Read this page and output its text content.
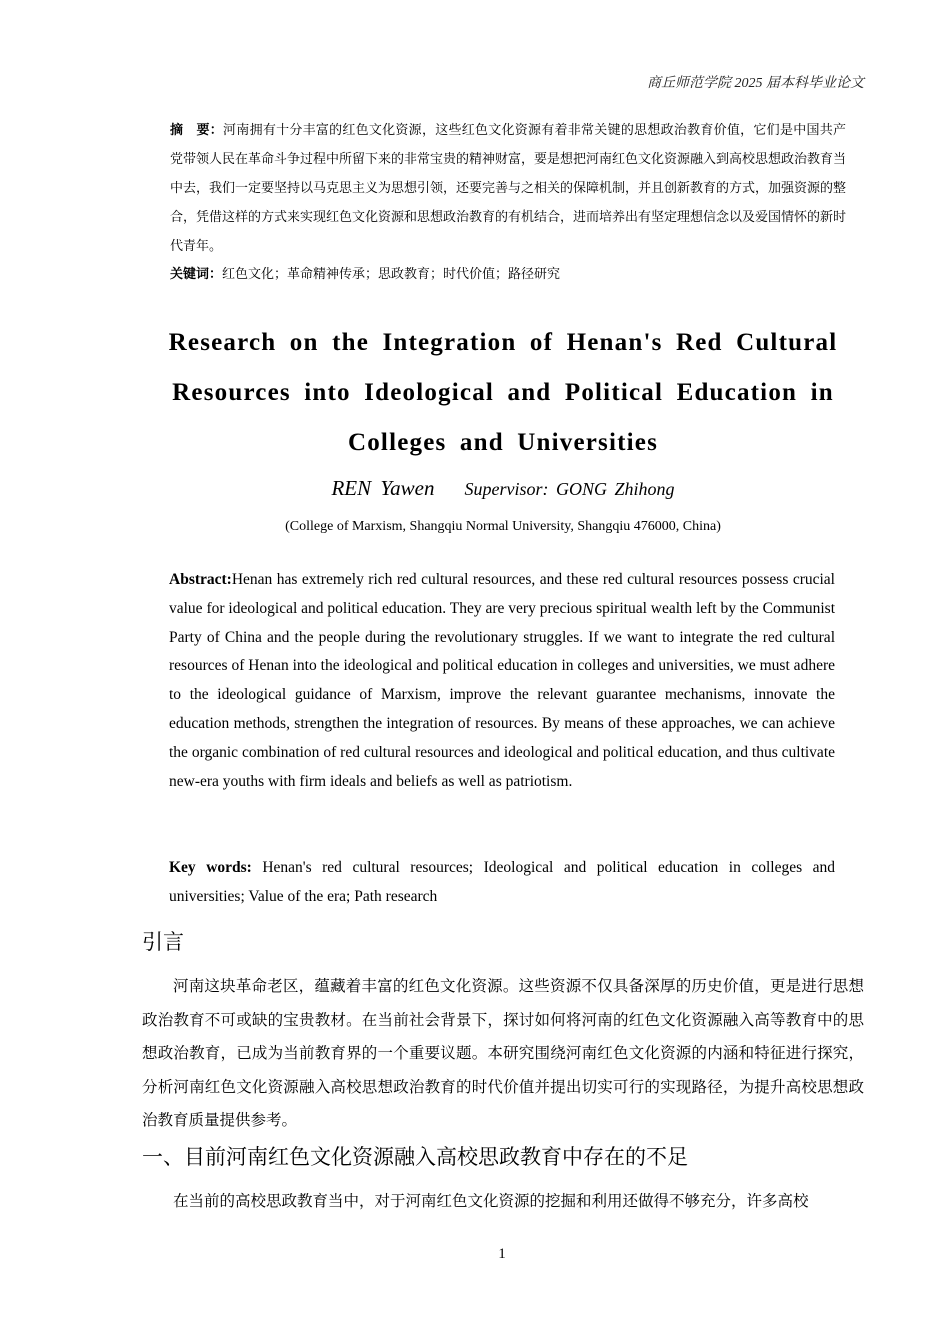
商丘师范学院 2025 届本科毕业论文
摘　要：河南拥有十分丰富的红色文化资源，这些红色文化资源有着非常关键的思想政治教育价值，它们是中国共产党带领人民在革命斗争过程中所留下来的非常宝贵的精神财富，要是想把河南红色文化资源融入到高校思想政治教育当中去，我们一定要坚持以马克思主义为思想引领，还要完善与之相关的保障机制，并且创新教育的方式，加强资源的整合，凭借这样的方式来实现红色文化资源和思想政治教育的有机结合，进而培养出有坚定理想信念以及爱国情怀的新时代青年。
关键词：红色文化；革命精神传承；思政教育；时代价值；路径研究
Research on the Integration of Henan's Red Cultural Resources into Ideological and Political Education in Colleges and Universities
REN Yawen Supervisor: GONG Zhihong
(College of Marxism, Shangqiu Normal University, Shangqiu 476000, China)
Abstract:Henan has extremely rich red cultural resources, and these red cultural resources possess crucial value for ideological and political education. They are very precious spiritual wealth left by the Communist Party of China and the people during the revolutionary struggles. If we want to integrate the red cultural resources of Henan into the ideological and political education in colleges and universities, we must adhere to the ideological guidance of Marxism, improve the relevant guarantee mechanisms, innovate the education methods, strengthen the integration of resources. By means of these approaches, we can achieve the organic combination of red cultural resources and ideological and political education, and thus cultivate new-era youths with firm ideals and beliefs as well as patriotism.
Key words: Henan's red cultural resources; Ideological and political education in colleges and universities; Value of the era; Path research
引言
河南这块革命老区，蕴藏着丰富的红色文化资源。这些资源不仅具备深厚的历史价值，更是进行思想政治教育不可或缺的宝贵教材。在当前社会背景下，探讨如何将河南的红色文化资源融入高等教育中的思想政治教育，已成为当前教育界的一个重要议题。本研究围绕河南红色文化资源的内涵和特征进行探究，分析河南红色文化资源融入高校思想政治教育的时代价值并提出切实可行的实现路径，为提升高校思想政治教育质量提供参考。
一、目前河南红色文化资源融入高校思政教育中存在的不足
在当前的高校思政教育当中，对于河南红色文化资源的挖掘和利用还做得不够充分，许多高校
1
